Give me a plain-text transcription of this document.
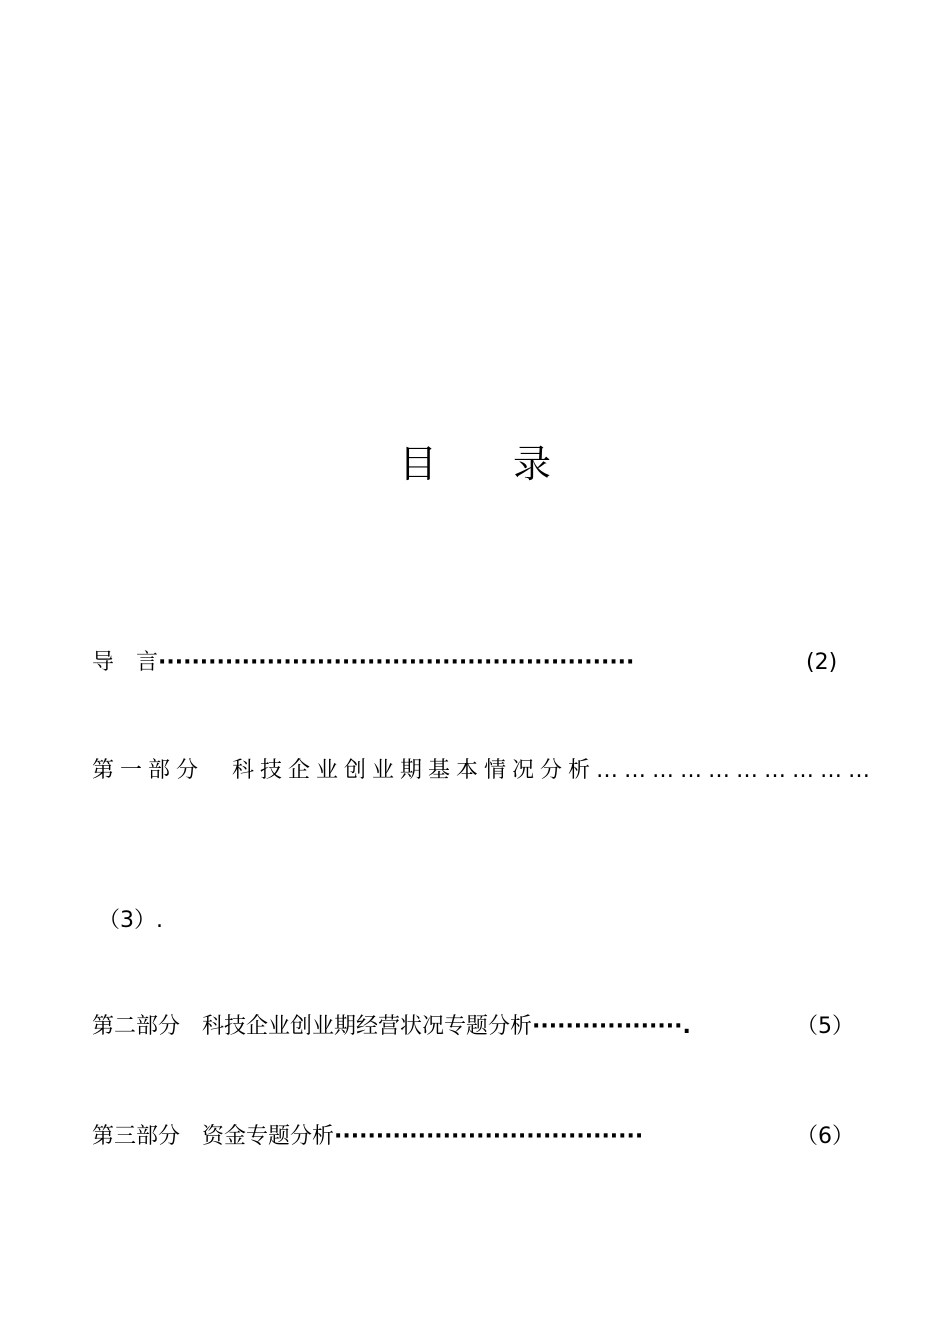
目 录
导　言·························································	(2)
第一部分　科技企业创业期基本情况分析…………………………
（3）.
第二部分　科技企业创业期经营状况专题分析··················.	（5）
第三部分　资金专题分析·····································	（6）
